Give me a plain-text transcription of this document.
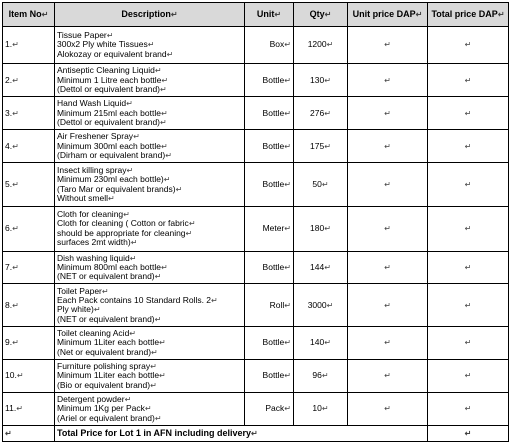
Item No↵	Description↵	Unit↵	Qty↵	Unit price DAP↵	Total price DAP↵
1.↵	Tissue Paper↵
300x2 Ply white Tissues↵
Alokozay or equivalent brand↵	Box↵	1200↵	↵	↵
2.↵	Antiseptic Cleaning Liquid↵
Minimum 1 Litre each bottle↵
(Dettol or equivalent brand)↵	Bottle↵	130↵	↵	↵
3.↵	Hand Wash Liquid↵
Minimum 215ml each bottle↵
(Dettol or equivalent brand)↵	Bottle↵	276↵	↵	↵
4.↵	Air Freshener Spray↵
Minimum 300ml each bottle↵
(Dirham or equivalent brand)↵	Bottle↵	175↵	↵	↵
5.↵	Insect killing spray↵
Minimum 230ml each bottle)↵
(Taro Mar or equivalent brands)↵
Without smell↵	Bottle↵	50↵	↵	↵
6.↵	Cloth for cleaning↵
Cloth for cleaning ( Cotton or fabric↵
should be appropriate for cleaning↵
surfaces 2mt width)↵	Meter↵	180↵	↵	↵
7.↵	Dish washing liquid↵
Minimum 800ml each bottle↵
(NET or equivalent brand)↵	Bottle↵	144↵	↵	↵
8.↵	Toilet Paper↵
Each Pack contains 10 Standard Rolls. 2↵
Ply white)↵
(NET or equivalent brand)↵	Roll↵	3000↵	↵	↵
9.↵	Toilet cleaning Acid↵
Minimum 1Liter each bottle↵
(Net or equivalent brand)↵	Bottle↵	140↵	↵	↵
10.↵	Furniture polishing spray↵
Minimum 1Liter each bottle↵
(Bio or equivalent brand)↵	Bottle↵	96↵	↵	↵
11.↵	Detergent powder↵
Minimum 1Kg per Pack↵
(Ariel or equivalent brand)↵	Pack↵	10↵	↵	↵
↵	Total Price for Lot 1 in AFN including delivery↵				↵
